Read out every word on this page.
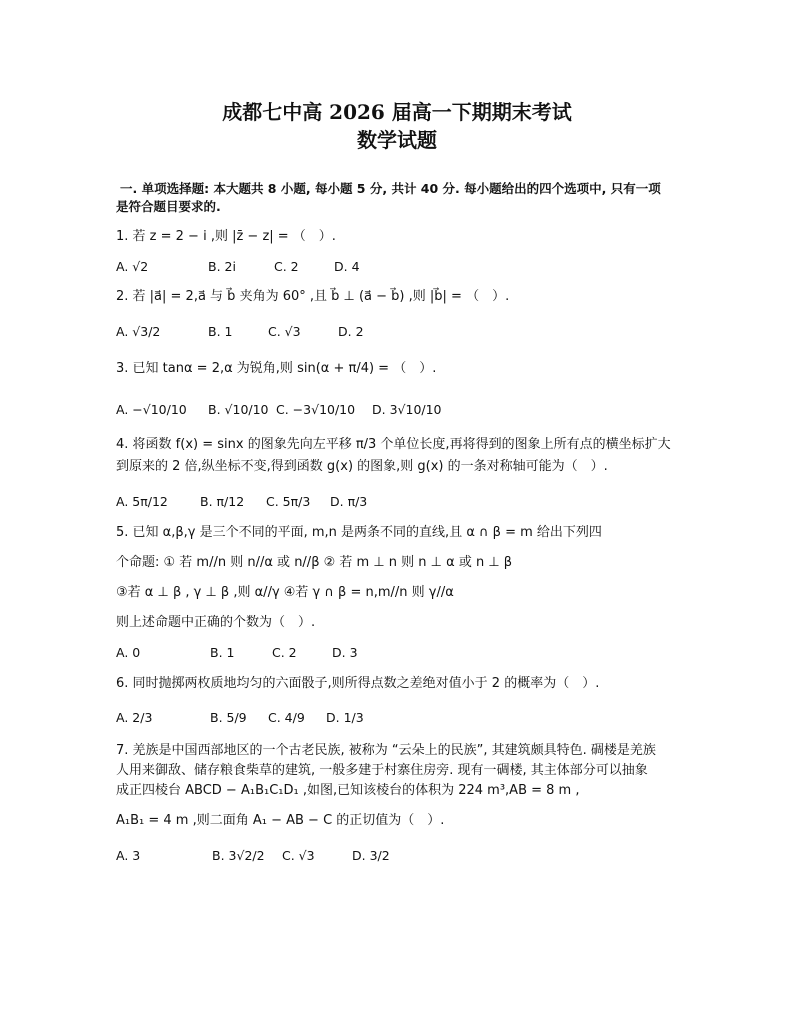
成都七中高 2026 届高一下期期末考试
数学试题
一. 单项选择题: 本大题共 8 小题, 每小题 5 分, 共计 40 分. 每小题给出的四个选项中, 只有一项
是符合题目要求的.
1. 若 z = 2 − i ,则 |z̄ − z| = （　）.
A. √2	B. 2i	C. 2	D. 4
2. 若 |a⃗| = 2,a⃗ 与 b⃗ 夹角为 60° ,且 b⃗ ⊥ (a⃗ − b⃗) ,则 |b⃗| = （　）.
A. √3/2	B. 1	C. √3	D. 2
3. 已知 tanα = 2,α 为锐角,则 sin(α + π/4) = （　）.
A. −√10/10 B. √10/10 C. −3√10/10 D. 3√10/10
4. 将函数 f(x) = sinx 的图象先向左平移 π/3 个单位长度,再将得到的图象上所有点的横坐标扩大
到原来的 2 倍,纵坐标不变,得到函数 g(x) 的图象,则 g(x) 的一条对称轴可能为（　）.
A. 5π/12	B. π/12 C. 5π/3 D. π/3
5. 已知 α,β,γ 是三个不同的平面, m,n 是两条不同的直线,且 α ∩ β = m 给出下列四
个命题: ① 若 m//n 则 n//α 或 n//β ② 若 m ⊥ n 则 n ⊥ α 或 n ⊥ β
③若 α ⊥ β , γ ⊥ β ,则 α//γ ④若 γ ∩ β = n,m//n 则 γ//α
则上述命题中正确的个数为（　）.
A. 0	B. 1	C. 2	D. 3
6. 同时抛掷两枚质地均匀的六面骰子,则所得点数之差绝对值小于 2 的概率为（　）.
A. 2/3	B. 5/9 C. 4/9 D. 1/3
7. 羌族是中国西部地区的一个古老民族, 被称为 “云朵上的民族”, 其建筑颇具特色. 碉楼是羌族
人用来御敌、储存粮食柴草的建筑, 一般多建于村寨住房旁. 现有一碉楼, 其主体部分可以抽象
成正四棱台 ABCD − A₁B₁C₁D₁ ,如图,已知该棱台的体积为 224 m³,AB = 8 m ,
A₁B₁ = 4 m ,则二面角 A₁ − AB − C 的正切值为（　）.
A. 3	B. 3√2/2 C. √3	D. 3/2
